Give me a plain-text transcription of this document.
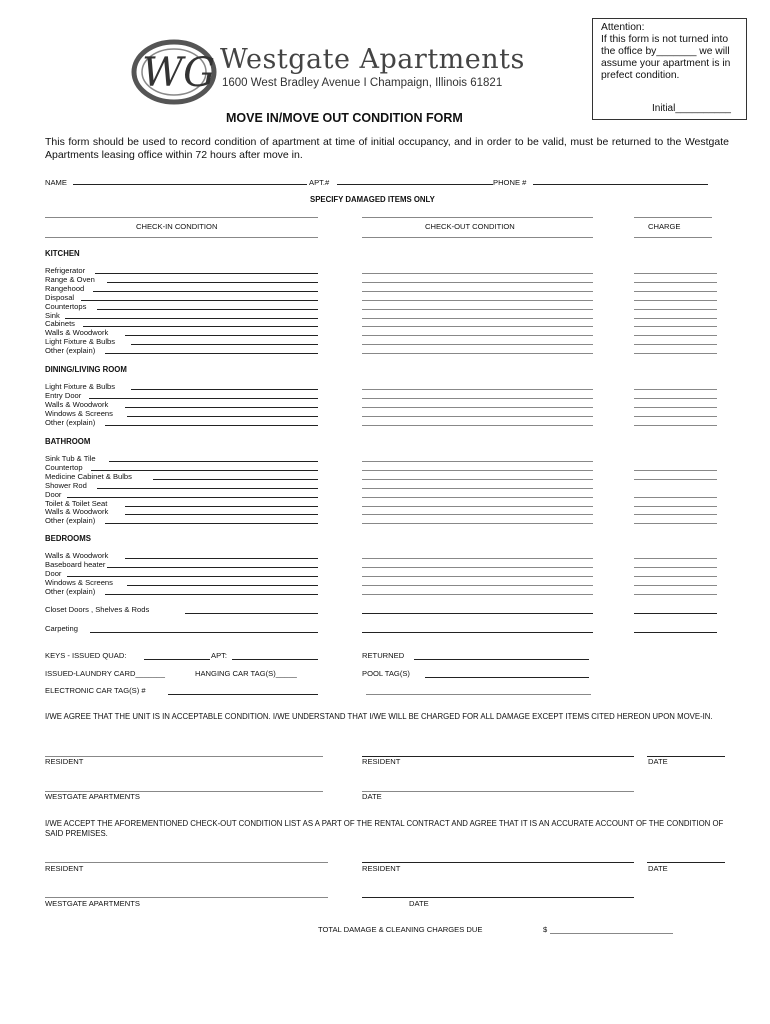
WG Westgate Apartments
1600 West Bradley Avenue I Champaign, Illinois 61821
Attention:
If this form is not turned into the office by_______ we will assume your apartment is in prefect condition.
Initial__________
MOVE IN/MOVE OUT CONDITION FORM
This form should be used to record condition of apartment at time of initial occupancy, and in order to be valid, must be returned to the Westgate Apartments leasing office within 72 hours after move in.
NAME	APT.#	PHONE #
SPECIFY DAMAGED ITEMS ONLY
CHECK-IN CONDITION	CHECK-OUT CONDITION	CHARGE
KITCHEN
Refrigerator
Range & Oven
Rangehood
Disposal
Countertops
Sink
Cabinets
Walls & Woodwork
Light Fixture & Bulbs
Other (explain)
DINING/LIVING ROOM
Light Fixture & Bulbs
Entry Door
Walls & Woodwork
Windows & Screens
Other (explain)
BATHROOM
Sink Tub & Tile
Countertop
Medicine Cabinet & Bulbs
Shower Rod
Door
Toilet & Toilet Seat
Walls & Woodwork
Other (explain)
BEDROOMS
Walls & Woodwork
Baseboard heater
Door
Windows & Screens
Other (explain)
Closet Doors , Shelves & Rods
Carpeting
KEYS - ISSUED QUAD:	APT:	RETURNED
ISSUED-LAUNDRY CARD_______	HANGING CAR TAG(S)_____	POOL TAG(S)
ELECTRONIC CAR TAG(S) #
I/WE AGREE THAT THE UNIT IS IN ACCEPTABLE CONDITION. I/WE UNDERSTAND THAT I/WE WILL BE CHARGED FOR ALL DAMAGE EXCEPT ITEMS CITED HEREON UPON MOVE-IN.
RESIDENT	RESIDENT	DATE
WESTGATE APARTMENTS	DATE
I/WE ACCEPT THE AFOREMENTIONED CHECK-OUT CONDITION LIST AS A PART OF THE RENTAL CONTRACT AND AGREE THAT IT IS AN ACCURATE ACCOUNT OF THE CONDITION OF SAID PREMISES.
RESIDENT	RESIDENT	DATE
WESTGATE APARTMENTS	DATE
TOTAL DAMAGE & CLEANING CHARGES DUE	$
